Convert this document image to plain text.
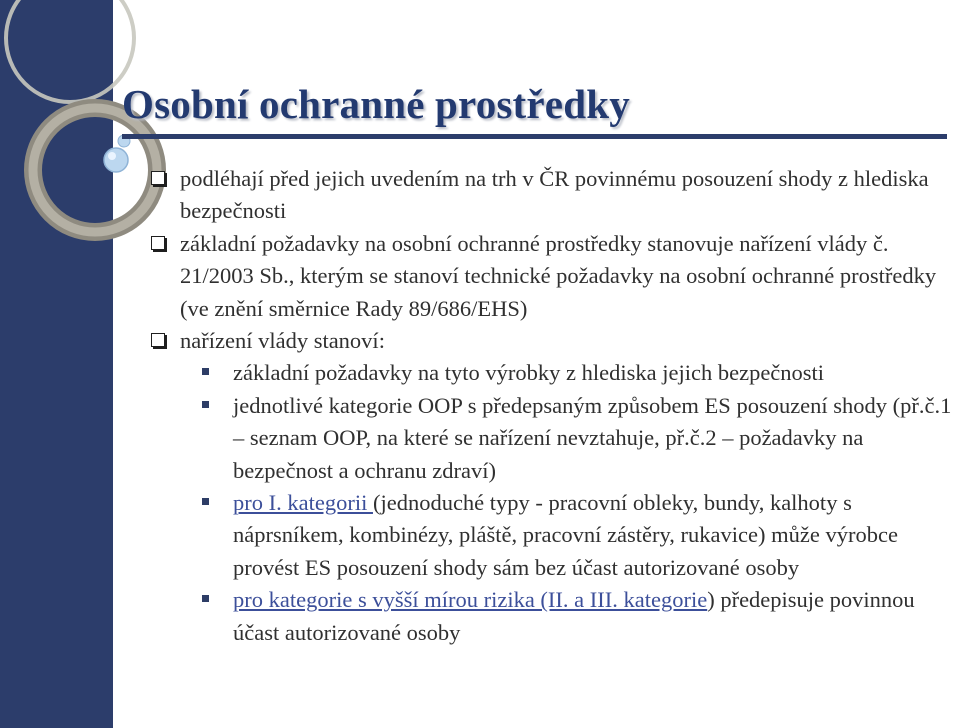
Osobní ochranné prostředky
podléhají před jejich uvedením na trh v ČR povinnému posouzení shody z hlediska bezpečnosti
základní požadavky na osobní ochranné prostředky stanovuje nařízení vlády č. 21/2003 Sb., kterým se stanoví technické požadavky na osobní ochranné prostředky (ve znění směrnice Rady 89/686/EHS)
nařízení vlády stanoví:
základní požadavky na tyto výrobky z hlediska jejich bezpečnosti
jednotlivé kategorie OOP s předepsaným způsobem ES posouzení shody (př.č.1 – seznam OOP, na které se nařízení nevztahuje, př.č.2 – požadavky na bezpečnost a ochranu zdraví)
pro I. kategorii (jednoduché typy - pracovní obleky, bundy, kalhoty s náprsníkem, kombinézy, pláště, pracovní zástěry, rukavice) může výrobce provést ES posouzení shody sám bez účast autorizované osoby
pro kategorie s vyšší mírou rizika (II. a III. kategorie) předepisuje povinnou účast autorizované osoby
